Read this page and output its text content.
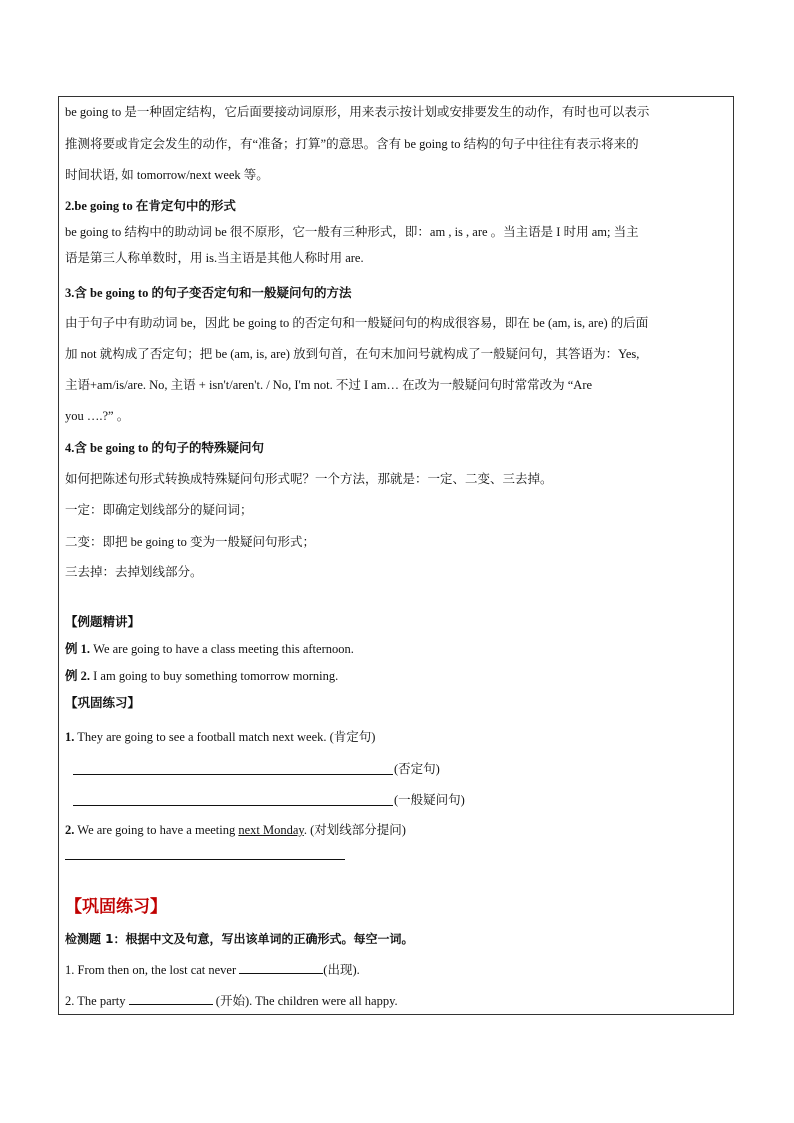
be going to 是一种固定结构，它后面要接动词原形，用来表示按计划或安排要发生的动作，有时也可以表示
推测将要或肯定会发生的动作，有“准备；打算”的意思。含有 be going to 结构的句子中往往有表示将来的
时间状语, 如 tomorrow/next week 等。
2.be going to 在肯定句中的形式
be going to 结构中的助动词 be 很不原形，它一般有三种形式，即：am , is , are 。当主语是 I 时用 am; 当主
语是第三人称单数时，用 is.当主语是其他人称时用 are.
3.含 be going to 的句子变否定句和一般疑问句的方法
由于句子中有助动词 be，因此 be going to 的否定句和一般疑问句的构成很容易，即在 be (am, is, are) 的后面
加 not 就构成了否定句；把 be (am, is, are) 放到句首，在句末加问号就构成了一般疑问句，其答语为：Yes,
主语+am/is/are. No, 主语 + isn't/aren't. / No, I'm not. 不过 I am… 在改为一般疑问句时常常改为 “Are
you ….?” 。
4.含 be going to 的句子的特殊疑问句
如何把陈述句形式转换成特殊疑问句形式呢？一个方法，那就是：一定、二变、三去掉。
一定：即确定划线部分的疑问词；
二变：即把 be going to 变为一般疑问句形式；
三去掉：去掉划线部分。
【例题精讲】
例 1. We are going to have a class meeting this afternoon.
例 2. I am going to buy something tomorrow morning.
【巩固练习】
1. They are going to see a football match next week. (肯定句)
(否定句)
(一般疑问句)
2. We are going to have a meeting next Monday. (对划线部分提问)
【巩固练习】
检测题 1：根据中文及句意，写出该单词的正确形式。每空一词。
1. From then on, the lost cat never	(出现).
2. The party	(开始). The children were all happy.
